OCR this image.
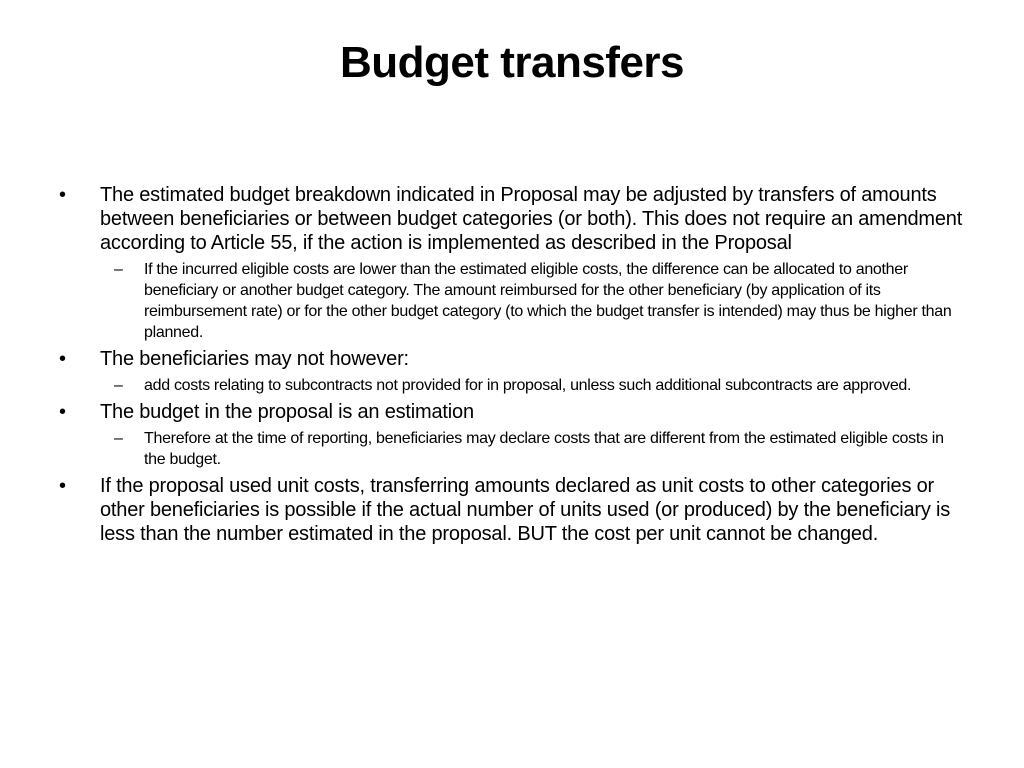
Budget transfers
• The estimated budget breakdown indicated in Proposal may be adjusted by transfers of amounts between beneficiaries or between budget categories (or both). This does not require an amendment according to Article 55, if the action is implemented as described in the Proposal
– If the incurred eligible costs are lower than the estimated eligible costs, the difference can be allocated to another beneficiary or another budget category. The amount reimbursed for the other beneficiary (by application of its reimbursement rate) or for the other budget category (to which the budget transfer is intended) may thus be higher than planned.
• The beneficiaries may not however:
– add costs relating to subcontracts not provided for in proposal, unless such additional subcontracts are approved.
• The budget in the proposal is an estimation
– Therefore at the time of reporting, beneficiaries may declare costs that are different from the estimated eligible costs in the budget.
• If the proposal used unit costs, transferring amounts declared as unit costs to other categories or other beneficiaries is possible if the actual number of units used (or produced) by the beneficiary is less than the number estimated in the proposal. BUT the cost per unit cannot be changed.
